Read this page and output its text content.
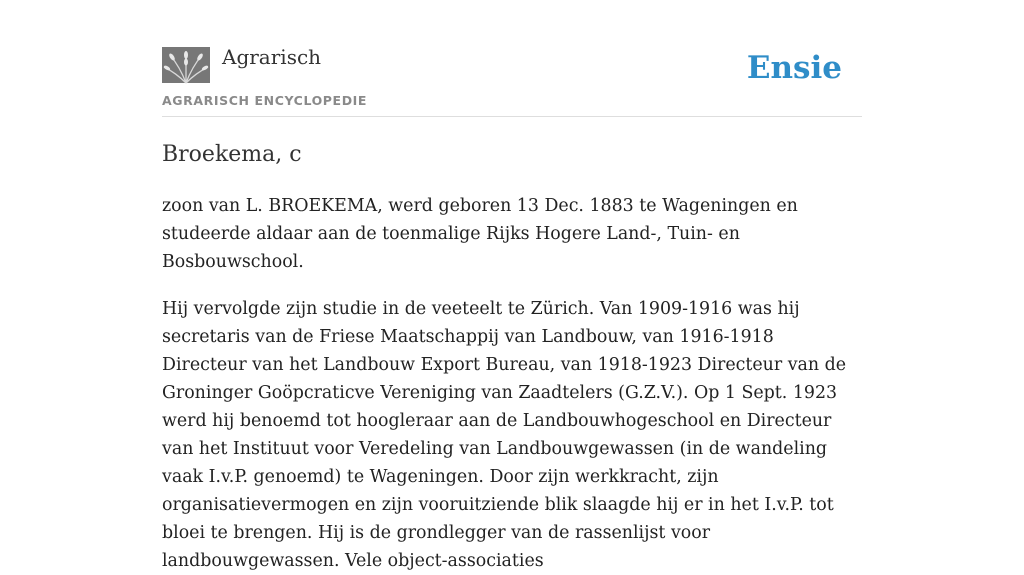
Agrarisch
AGRARISCH ENCYCLOPEDIE
Ensie
Broekema, c

zoon van L. BROEKEMA, werd geboren 13 Dec. 1883 te Wageningen en studeerde aldaar aan de toenmalige Rijks Hogere Land-, Tuin- en Bosbouwschool.

Hij vervolgde zijn studie in de veeteelt te Zürich. Van 1909-1916 was hij secretaris van de Friese Maatschappij van Landbouw, van 1916-1918 Directeur van het Landbouw Export Bureau, van 1918-1923 Directeur van de Groninger Goöpcraticve Vereniging van Zaadtelers (G.Z.V.). Op 1 Sept. 1923 werd hij benoemd tot hoogleraar aan de Landbouwhogeschool en Directeur van het Instituut voor Veredeling van Landbouwgewassen (in de wandeling vaak I.v.P. genoemd) te Wageningen. Door zijn werkkracht, zijn organisatievermogen en zijn vooruitziende blik slaagde hij er in het I.v.P. tot bloei te brengen. Hij is de grondlegger van de rassenlijst voor landbouwgewassen. Vele object-associaties
